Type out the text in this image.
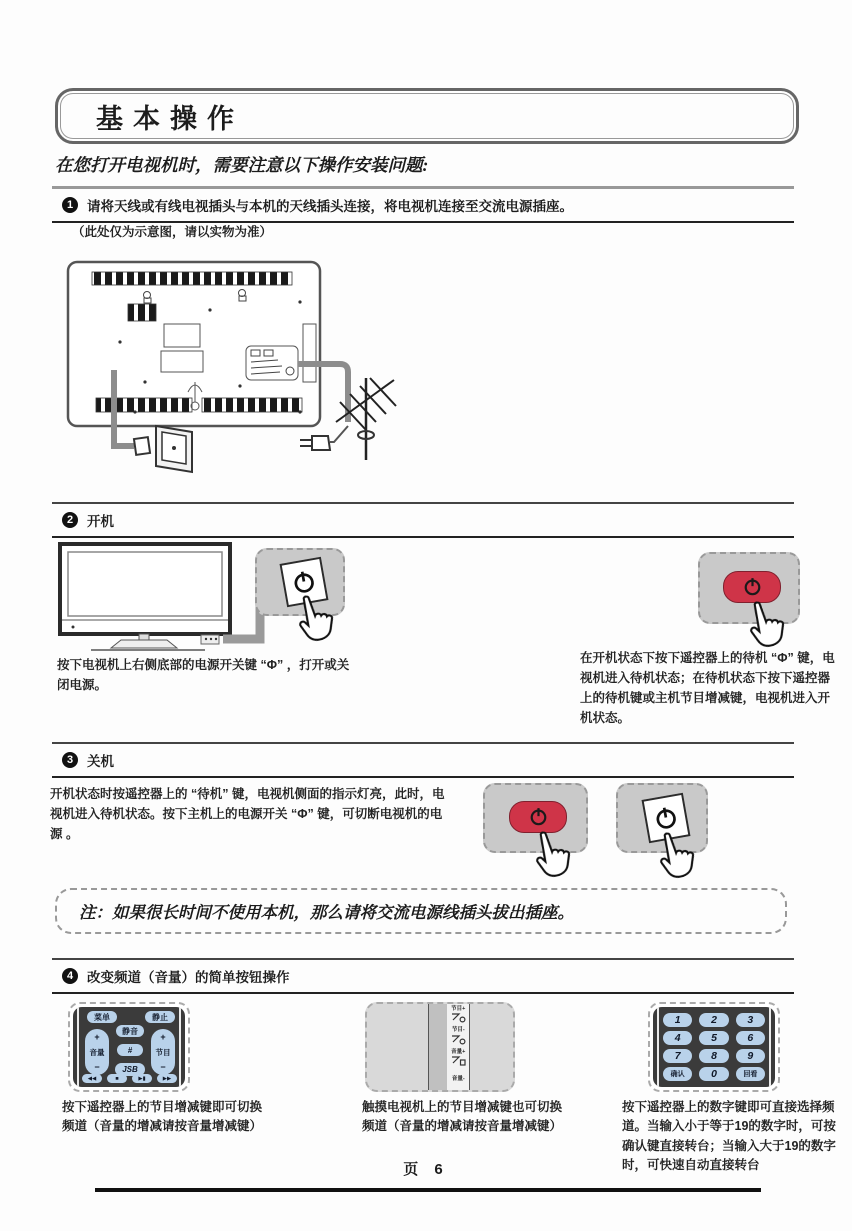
基本操作
在您打开电视机时，需要注意以下操作安装问题:
1	请将天线或有线电视插头与本机的天线插头连接，将电视机连接至交流电源插座。
（此处仅为示意图，请以实物为准）
2	开机
按下电视机上右侧底部的电源开关键 “Φ” ，打开或关闭电源。
在开机状态下按下遥控器上的待机 “Φ” 键，电视机进入待机状态；在待机状态下按下遥控器上的待机键或主机节目增减键，电视机进入开机状态。
3	关机
开机状态时按遥控器上的 “待机” 键，电视机侧面的指示灯亮，此时，电视机进入待机状态。按下主机上的电源开关 “Φ” 键，可切断电视机的电源 。

注：如果很长时间不使用本机，那么请将交流电源线插头拔出插座。

4	改变频道（音量）的简单按钮操作
菜单	静止
静音
+
音量
−
#
JSB
+
节目
−
◀◀	■	▶▮	▶▶
节目+
节目-
音量+
音量-
1	2	3
4	5	6
7	8	9
确认	0	回看
按下遥控器上的节目增减键即可切换频道（音量的增减请按音量增减键）
触摸电视机上的节目增减键也可切换频道（音量的增减请按音量增减键）
按下遥控器上的数字键即可直接选择频道。当输入小于等于19的数字时，可按确认键直接转台；当输入大于19的数字时，可快速自动直接转台
页 6
